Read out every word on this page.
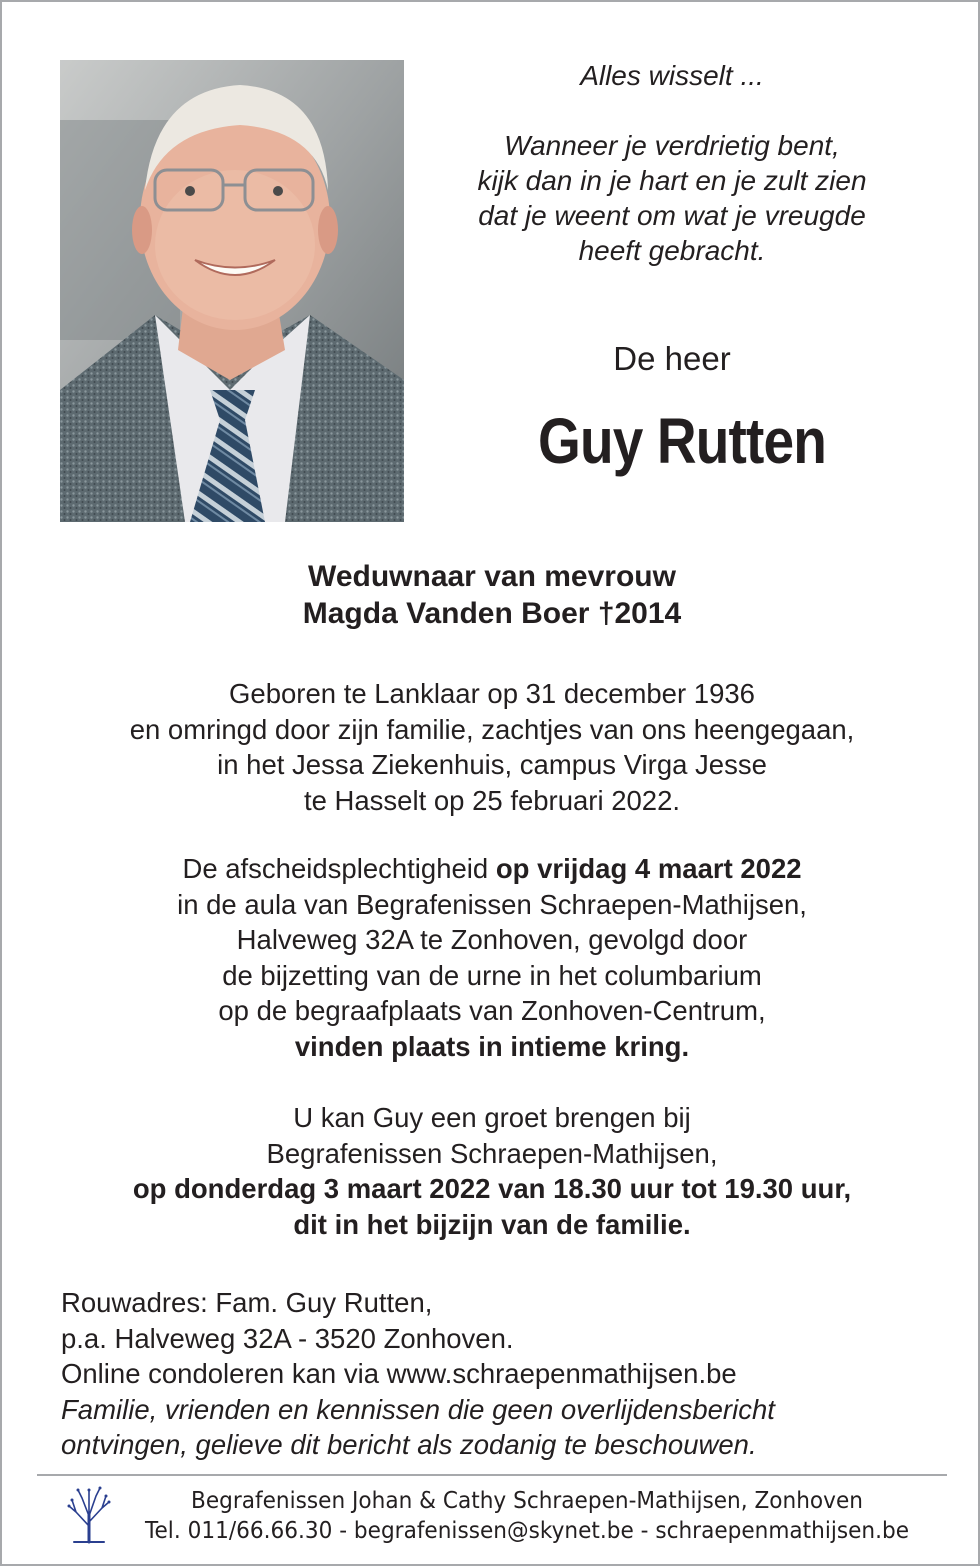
Alles wisselt ...
Wanneer je verdrietig bent,
kijk dan in je hart en je zult zien
dat je weent om wat je vreugde
heeft gebracht.
De heer
Guy Rutten
Weduwnaar van mevrouw
Magda Vanden Boer †2014
Geboren te Lanklaar op 31 december 1936
en omringd door zijn familie, zachtjes van ons heengegaan,
in het Jessa Ziekenhuis, campus Virga Jesse
te Hasselt op 25 februari 2022.
De afscheidsplechtigheid op vrijdag 4 maart 2022
in de aula van Begrafenissen Schraepen-Mathijsen,
Halveweg 32A te Zonhoven, gevolgd door
de bijzetting van de urne in het columbarium
op de begraafplaats van Zonhoven-Centrum,
vinden plaats in intieme kring.
U kan Guy een groet brengen bij
Begrafenissen Schraepen-Mathijsen,
op donderdag 3 maart 2022 van 18.30 uur tot 19.30 uur,
dit in het bijzijn van de familie.
Rouwadres: Fam. Guy Rutten,
p.a. Halveweg 32A - 3520 Zonhoven.
Online condoleren kan via www.schraepenmathijsen.be
Familie, vrienden en kennissen die geen overlijdensbericht
ontvingen, gelieve dit bericht als zodanig te beschouwen.
Begrafenissen Johan & Cathy Schraepen-Mathijsen, Zonhoven
Tel. 011/66.66.30 - begrafenissen@skynet.be - schraepenmathijsen.be
